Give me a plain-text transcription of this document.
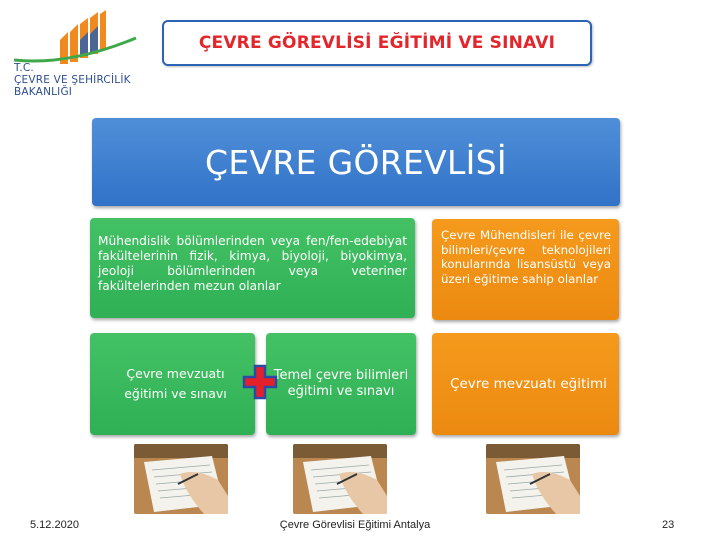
T.C.
ÇEVRE VE ŞEHİRCİLİK
BAKANLIĞI
ÇEVRE GÖREVLİSİ EĞİTİMİ VE SINAVI
ÇEVRE GÖREVLİSİ
Mühendislik bölümlerinden veya fen/fen-edebiyat fakültelerinin fizik, kimya, biyoloji, biyokimya, jeoloji bölümlerinden veya veteriner fakültelerinden mezun olanlar
Çevre mevzuatı
eğitimi ve sınavı
Temel çevre bilimleri eğitimi ve sınavı
Çevre Mühendisleri ile çevre bilimleri/çevre teknolojileri konularında lisansüstü veya üzeri eğitime sahip olanlar
Çevre mevzuatı eğitimi
5.12.2020	Çevre Görevlisi Eğitimi Antalya	23
